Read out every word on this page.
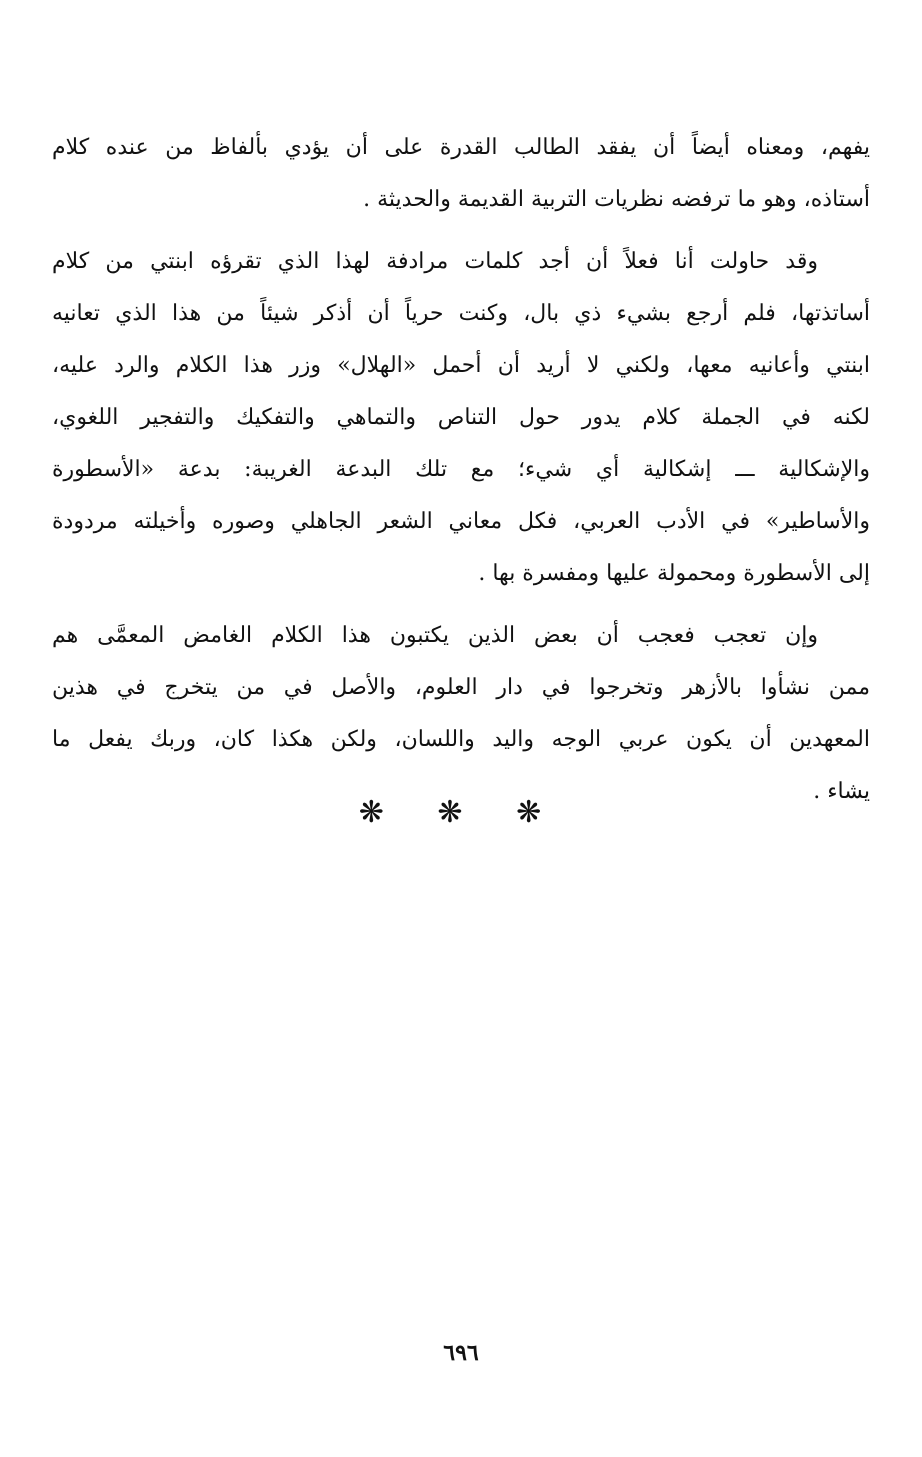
يفهم، ومعناه أيضاً أن يفقد الطالب القدرة على أن يؤدي بألفاظ من عنده كلام
أستاذه، وهو ما ترفضه نظريات التربية القديمة والحديثة .
وقد حاولت أنا فعلاً أن أجد كلمات مرادفة لهذا الذي تقرؤه ابنتي من كلام
أساتذتها، فلم أرجع بشيء ذي بال، وكنت حرياً أن أذكر شيئاً من هذا الذي تعانيه
ابنتي وأعانيه معها، ولكني لا أريد أن أحمل «الهلال» وزر هذا الكلام والرد عليه،
لكنه في الجملة كلام يدور حول التناص والتماهي والتفكيك والتفجير اللغوي،
والإشكالية ـــ إشكالية أي شيء؛ مع تلك البدعة الغريبة: بدعة «الأسطورة
والأساطير» في الأدب العربي، فكل معاني الشعر الجاهلي وصوره وأخيلته مردودة
إلى الأسطورة ومحمولة عليها ومفسرة بها .
وإن تعجب فعجب أن بعض الذين يكتبون هذا الكلام الغامض المعمَّى هم
ممن نشأوا بالأزهر وتخرجوا في دار العلوم، والأصل في من يتخرج في هذين
المعهدين أن يكون عربي الوجه واليد واللسان، ولكن هكذا كان، وربك يفعل ما
يشاء .
❋ ❋ ❋
٦٩٦
